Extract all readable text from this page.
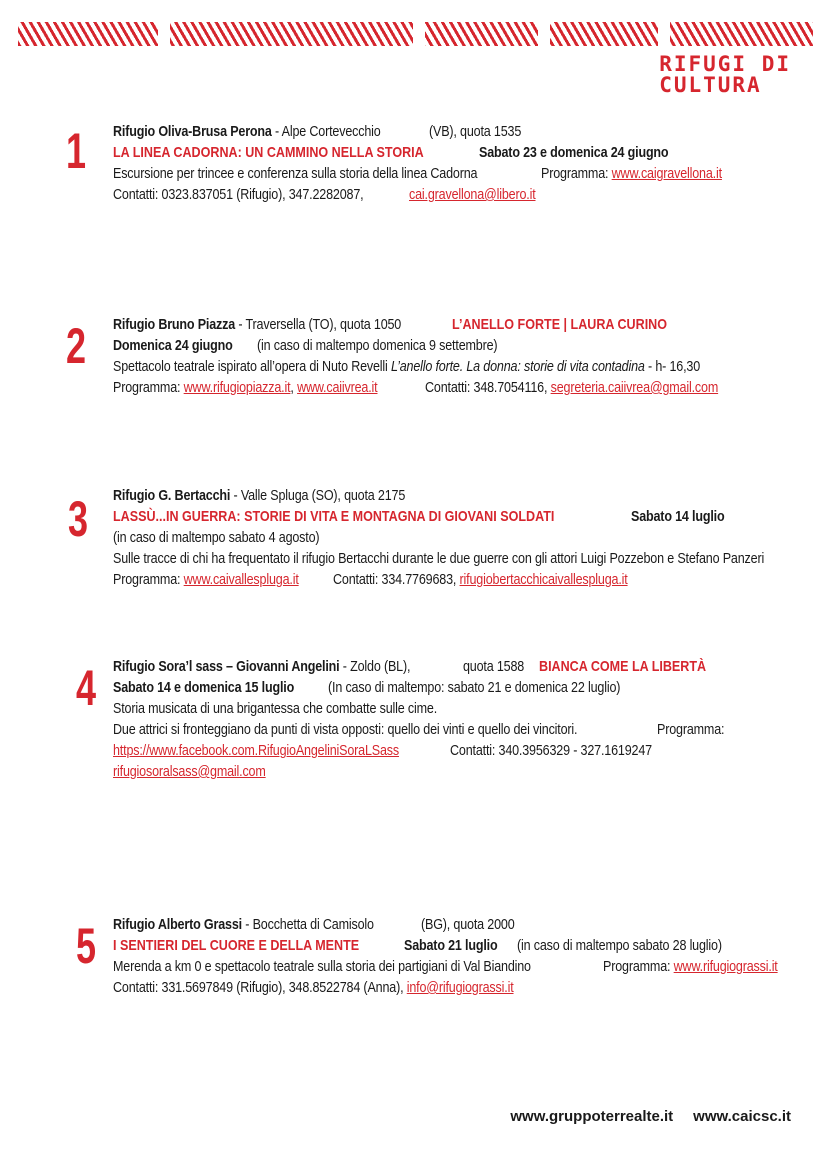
RIFUGI DI
CULTURA
1 Rifugio Oliva-Brusa Perona - Alpe Cortevecchio	(VB), quota 1535 LA LINEA CADORNA: UN CAMMINO NELLA STORIA	Sabato 23 e domenica 24 giugno Escursione per trincee e conferenza sulla storia della linea Cadorna	Programma: www.caigravellona.it Contatti: 0323.837051 (Rifugio), 347.2282087,	cai.gravellona@libero.it
2 Rifugio Bruno Piazza - Traversella (TO), quota 1050	L’ANELLO FORTE | LAURA CURINO Domenica 24 giugno (in caso di maltempo domenica 9 settembre) Spettacolo teatrale ispirato all’opera di Nuto Revelli L’anello forte. La donna: storie di vita contadina - h- 16,30 Programma: www.rifugiopiazza.it, www.caiivrea.it	Contatti: 348.7054116, segreteria.caiivrea@gmail.com
3 Rifugio G. Bertacchi - Valle Spluga (SO), quota 2175 LASSÙ...IN GUERRA: STORIE DI VITA E MONTAGNA DI GIOVANI SOLDATI	Sabato 14 luglio (in caso di maltempo sabato 4 agosto) Sulle tracce di chi ha frequentato il rifugio Bertacchi durante le due guerre con gli attori Luigi Pozzebon e Stefano Panzeri Programma: www.caivallespluga.it Contatti: 334.7769683, rifugiobertacchicaivallespluga.it
4 Rifugio Sora’l sass – Giovanni Angelini - Zoldo (BL),	quota 1588 BIANCA COME LA LIBERTÀ Sabato 14 e domenica 15 luglio (In caso di maltempo: sabato 21 e domenica 22 luglio) Storia musicata di una brigantessa che combatte sulle cime. Due attrici si fronteggiano da punti di vista opposti: quello dei vinti e quello dei vincitori.	Programma: https://www.facebook.com.RifugioAngeliniSoraLSass	Contatti: 340.3956329 - 327.1619247 rifugiosoralsass@gmail.com
5 Rifugio Alberto Grassi - Bocchetta di Camisolo	(BG), quota 2000 I SENTIERI DEL CUORE E DELLA MENTE	Sabato 21 luglio (in caso di maltempo sabato 28 luglio) Merenda a km 0 e spettacolo teatrale sulla storia dei partigiani di Val Biandino	Programma: www.rifugiograssi.it Contatti: 331.5697849 (Rifugio), 348.8522784 (Anna), info@rifugiograssi.it
www.gruppoterrealte.it www.caicsc.it
